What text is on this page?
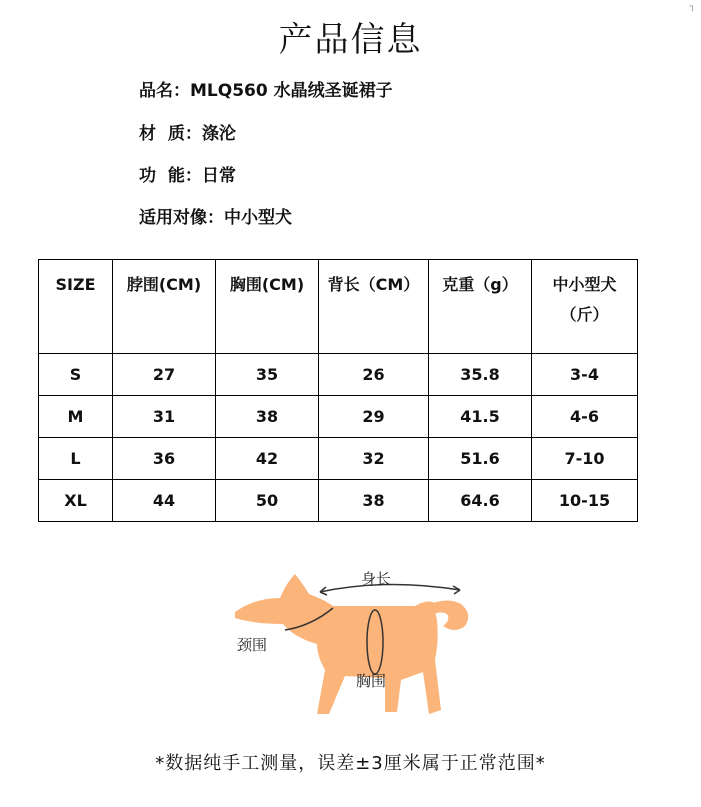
┐
产品信息
品名：MLQ560 水晶绒圣诞裙子
材  质：涤沦
功  能：日常
适用对像：中小型犬
SIZE	脖围(CM)	胸围(CM)	背长（CM）	克重（g）	中小型犬
（斤）

S	27	35	26	35.8	3-4
M	31	38	29	41.5	4-6
L	36	42	32	51.6	7-10
XL	44	50	38	64.6	10-15
身长
颈围
胸围
*数据纯手工测量，误差±3厘米属于正常范围*
